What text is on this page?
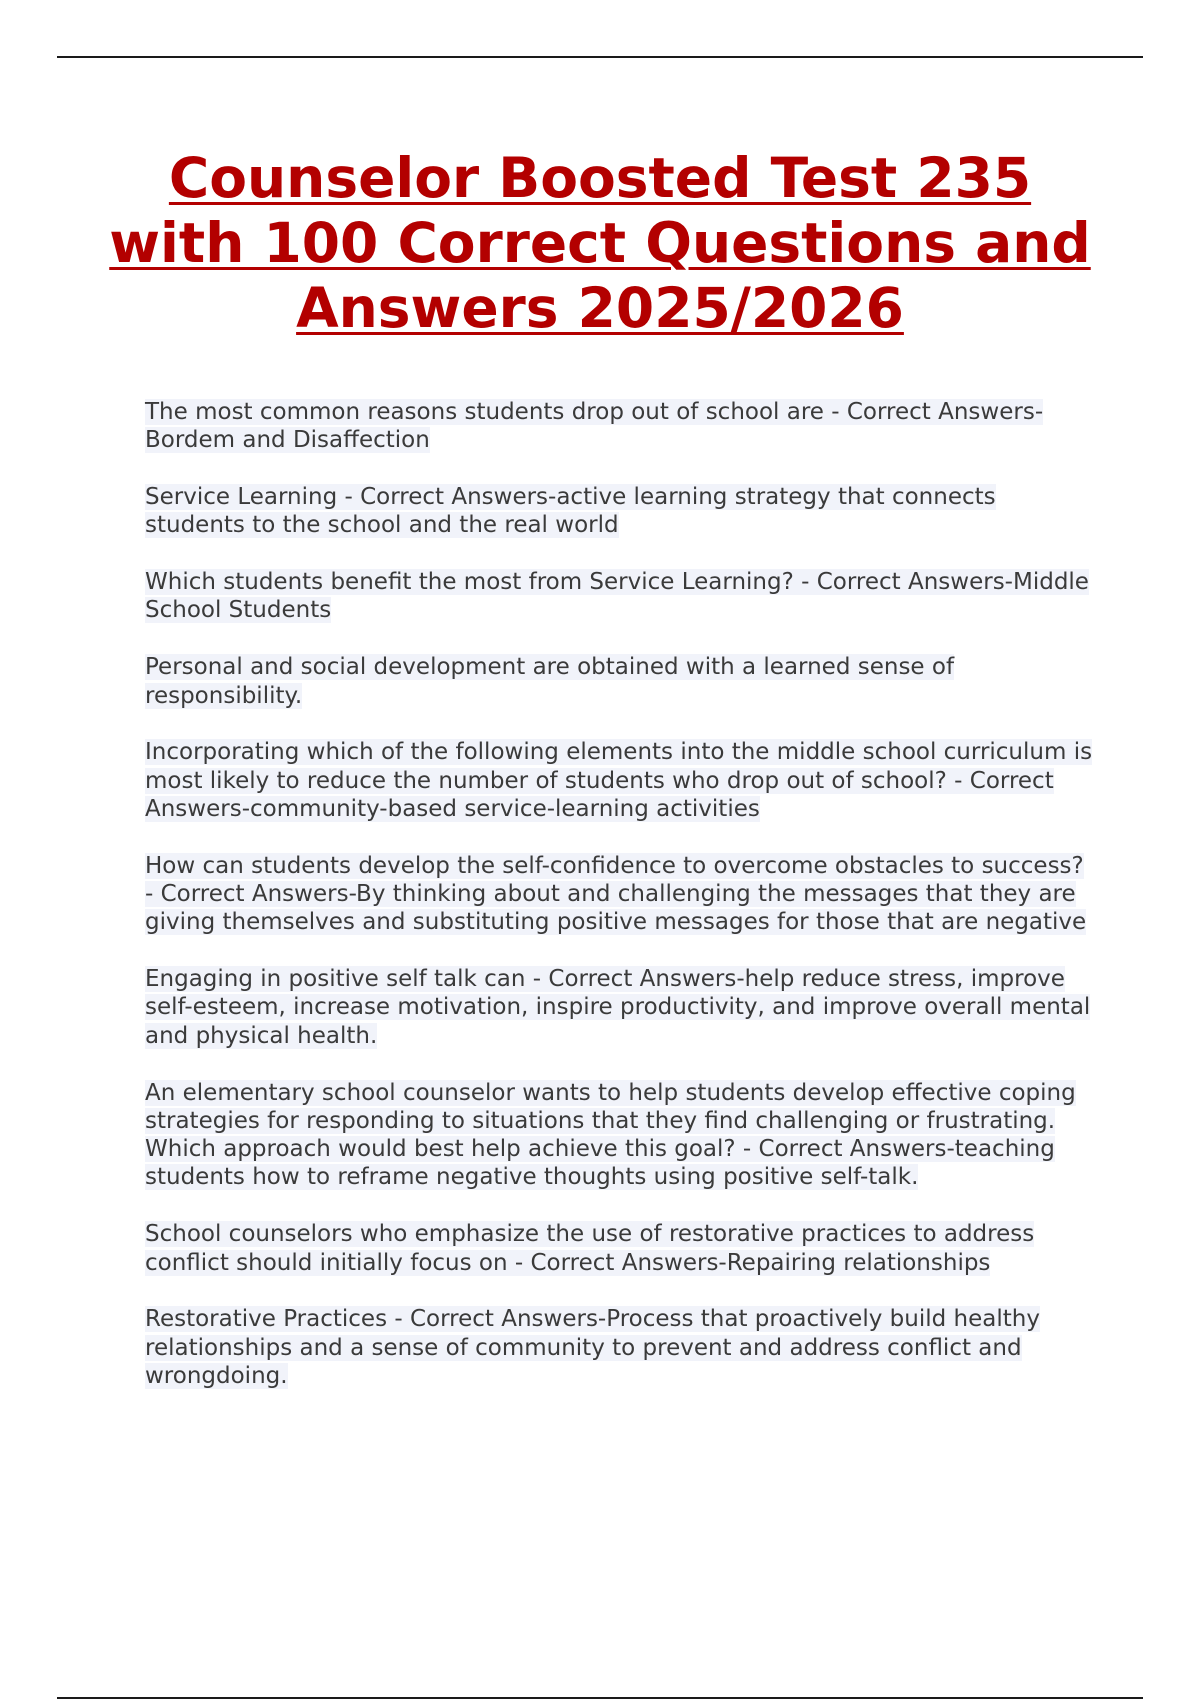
Counselor Boosted Test 235 with 100 Correct Questions and Answers 2025/2026
The most common reasons students drop out of school are - Correct Answers-Bordem and Disaffection
Service Learning - Correct Answers-active learning strategy that connects students to the school and the real world
Which students benefit the most from Service Learning? - Correct Answers-Middle School Students
Personal and social development are obtained with a learned sense of responsibility.
Incorporating which of the following elements into the middle school curriculum is most likely to reduce the number of students who drop out of school? - Correct Answers-community-based service-learning activities
How can students develop the self-confidence to overcome obstacles to success? - Correct Answers-By thinking about and challenging the messages that they are giving themselves and substituting positive messages for those that are negative
Engaging in positive self talk can - Correct Answers-help reduce stress, improve self-esteem, increase motivation, inspire productivity, and improve overall mental and physical health.
An elementary school counselor wants to help students develop effective coping strategies for responding to situations that they find challenging or frustrating. Which approach would best help achieve this goal? - Correct Answers-teaching students how to reframe negative thoughts using positive self-talk.
School counselors who emphasize the use of restorative practices to address conflict should initially focus on - Correct Answers-Repairing relationships
Restorative Practices - Correct Answers-Process that proactively build healthy relationships and a sense of community to prevent and address conflict and wrongdoing.
